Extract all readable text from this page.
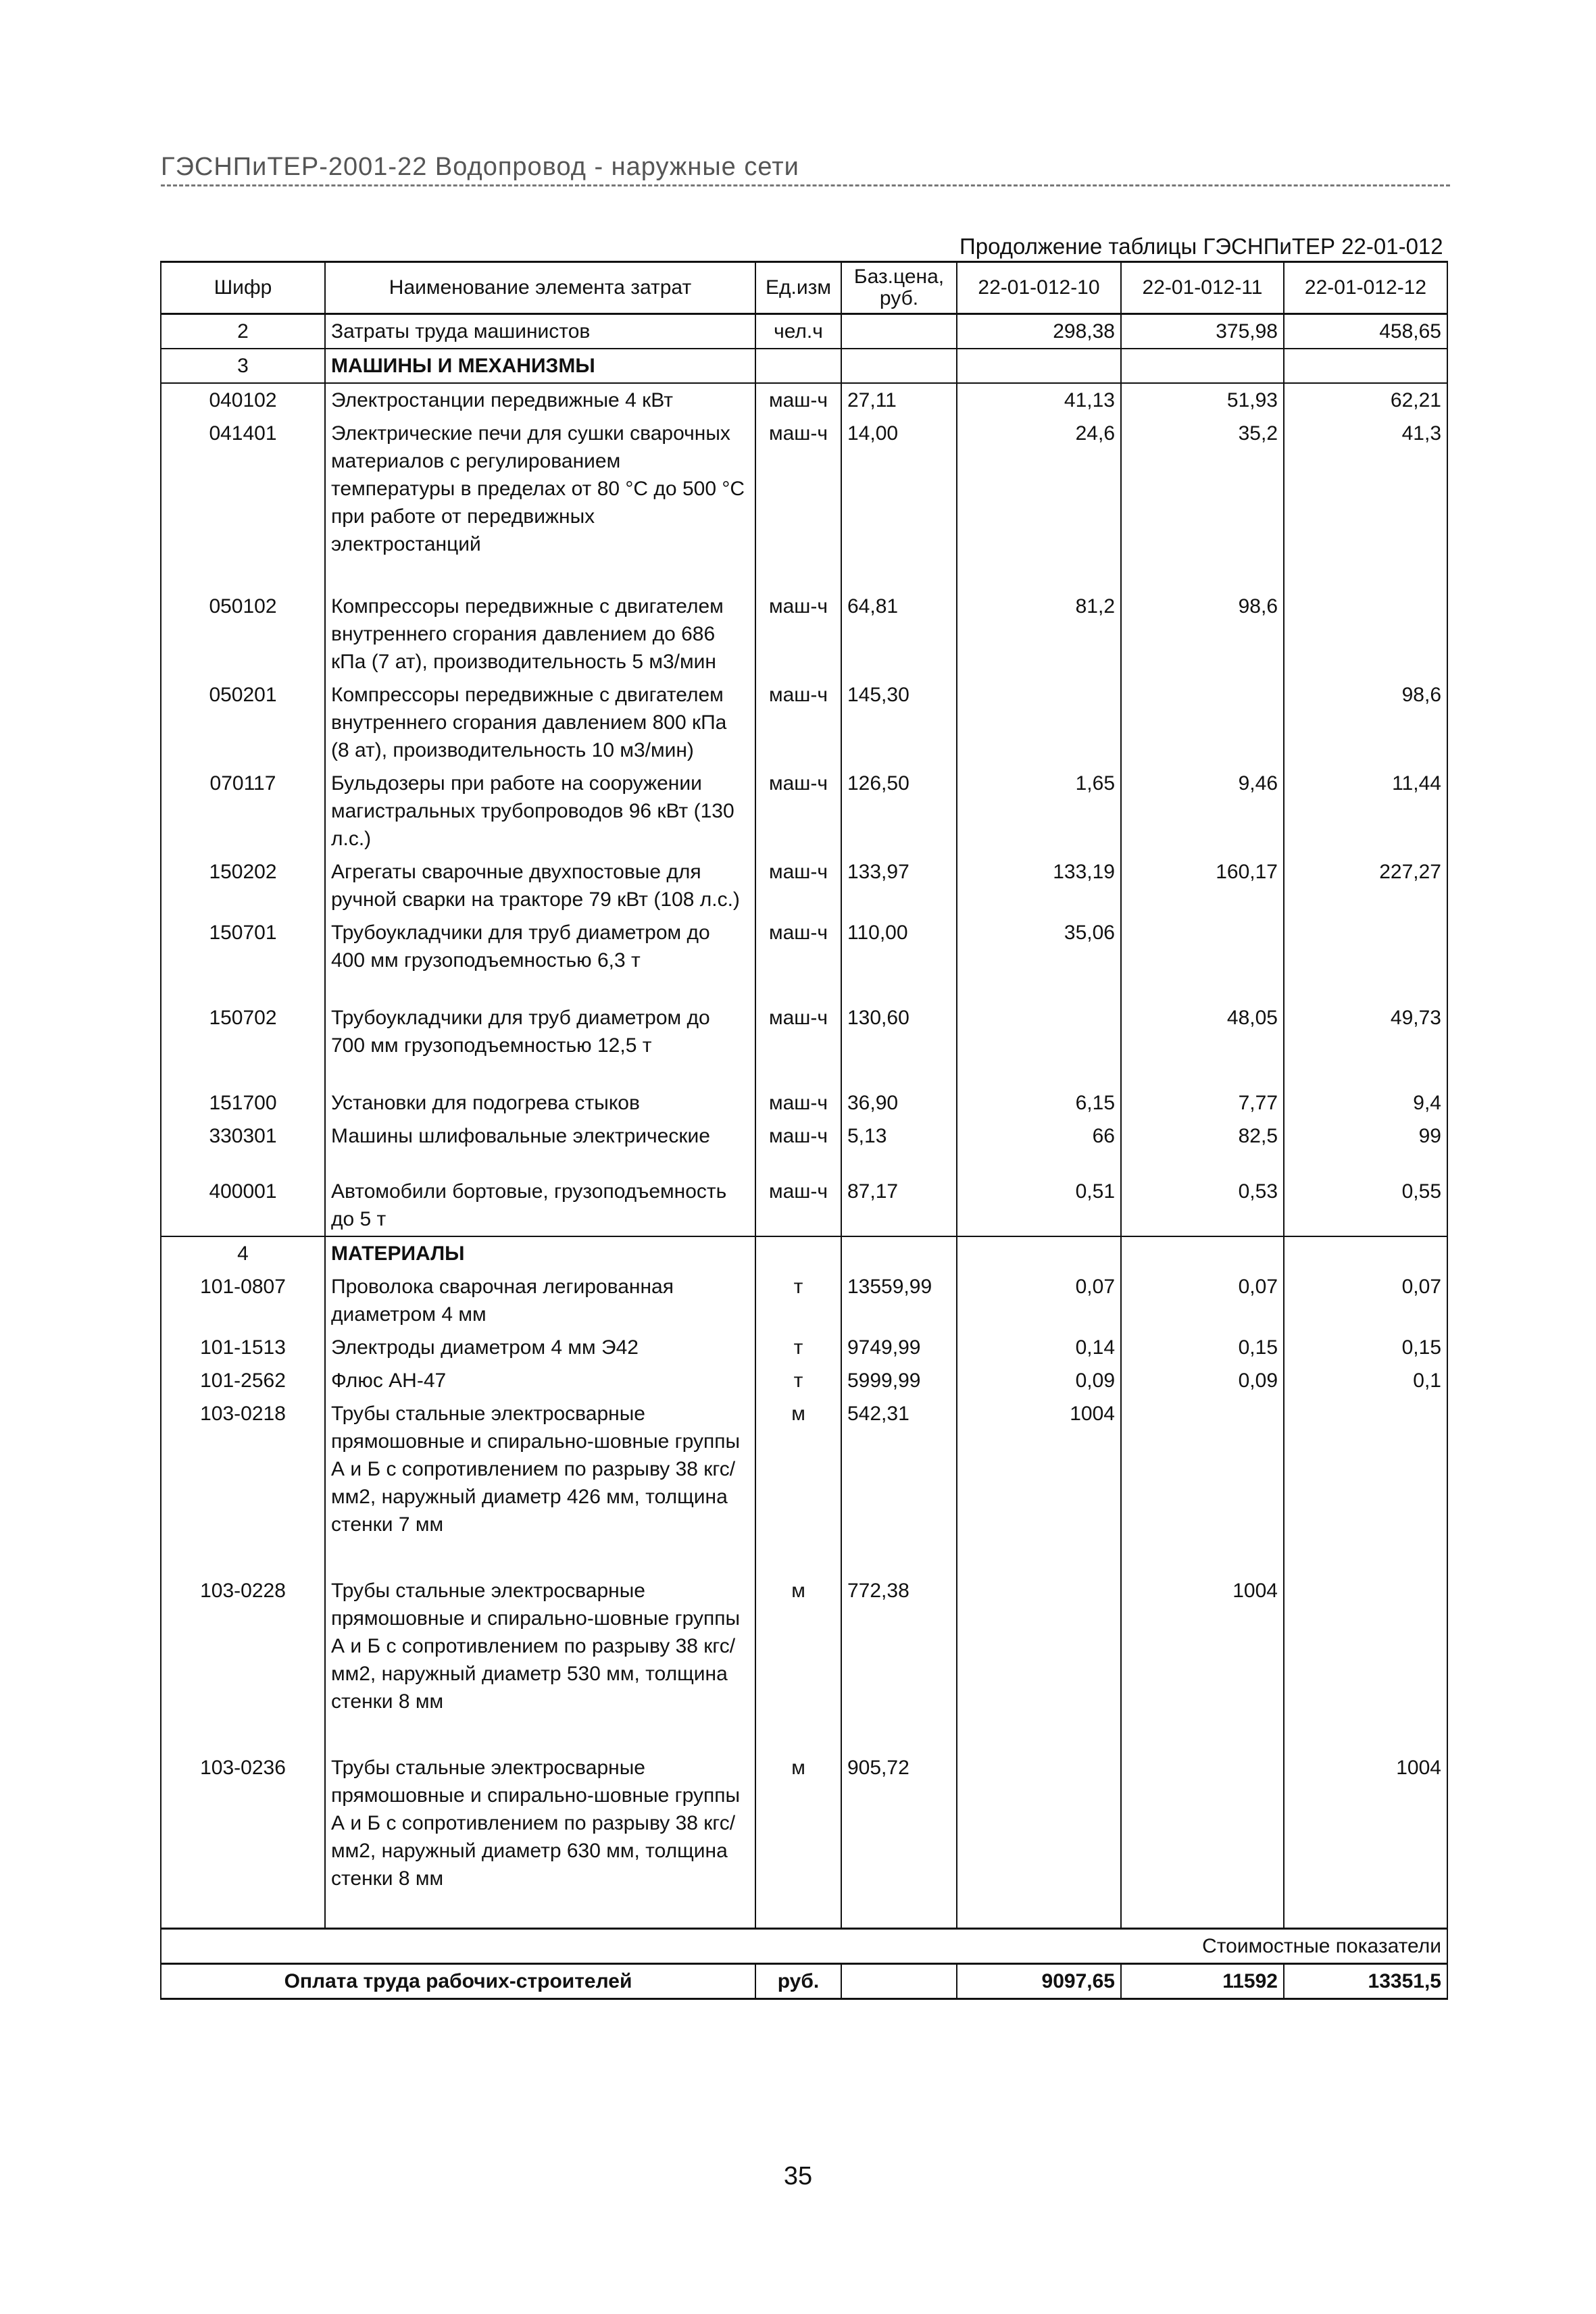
ГЭСНПиТЕР-2001-22 Водопровод - наружные сети
Продолжение таблицы ГЭСНПиТЕР 22-01-012
Шифр	Наименование элемента затрат	Ед.изм	Баз.цена, руб.	22-01-012-10	22-01-012-11	22-01-012-12
2	Затраты труда машинистов	чел.ч		298,38	375,98	458,65
3	МАШИНЫ И МЕХАНИЗМЫ					
040102	Электростанции передвижные 4 кВт	маш-ч	27,11	41,13	51,93	62,21
041401	Электрические печи для сушки сварочных материалов с регулированием температуры в пределах от 80 °С до 500 °С при работе от передвижных электростанций	маш-ч	14,00	24,6	35,2	41,3
050102	Компрессоры передвижные с двигателем внутреннего сгорания давлением до 686 кПа (7 ат), производительность 5 м3/мин	маш-ч	64,81	81,2	98,6	
050201	Компрессоры передвижные с двигателем внутреннего сгорания давлением 800 кПа (8 ат), производительность 10 м3/мин)	маш-ч	145,30			98,6
070117	Бульдозеры при работе на сооружении магистральных трубопроводов 96 кВт (130 л.с.)	маш-ч	126,50	1,65	9,46	11,44
150202	Агрегаты сварочные двухпостовые для ручной сварки на тракторе 79 кВт (108 л.с.)	маш-ч	133,97	133,19	160,17	227,27
150701	Трубоукладчики для труб диаметром до 400 мм грузоподъемностью 6,3 т	маш-ч	110,00	35,06		
150702	Трубоукладчики для труб диаметром до 700 мм грузоподъемностью 12,5 т	маш-ч	130,60		48,05	49,73
151700	Установки для подогрева стыков	маш-ч	36,90	6,15	7,77	9,4
330301	Машины шлифовальные электрические	маш-ч	5,13	66	82,5	99
400001	Автомобили бортовые, грузоподъемность до 5 т	маш-ч	87,17	0,51	0,53	0,55
4	МАТЕРИАЛЫ					
101-0807	Проволока сварочная легированная диаметром 4 мм	т	13559,99	0,07	0,07	0,07
101-1513	Электроды диаметром 4 мм Э42	т	9749,99	0,14	0,15	0,15
101-2562	Флюс АН-47	т	5999,99	0,09	0,09	0,1
103-0218	Трубы стальные электросварные прямошовные и спирально-шовные группы А и Б с сопротивлением по разрыву 38 кгс/мм2, наружный диаметр 426 мм, толщина стенки 7 мм	м	542,31	1004		
103-0228	Трубы стальные электросварные прямошовные и спирально-шовные группы А и Б с сопротивлением по разрыву 38 кгс/мм2, наружный диаметр 530 мм, толщина стенки 8 мм	м	772,38		1004	
103-0236	Трубы стальные электросварные прямошовные и спирально-шовные группы А и Б с сопротивлением по разрыву 38 кгс/мм2, наружный диаметр 630 мм, толщина стенки 8 мм	м	905,72			1004
Стоимостные показатели						
Оплата труда рабочих-строителей		руб.		9097,65	11592	13351,5
35
